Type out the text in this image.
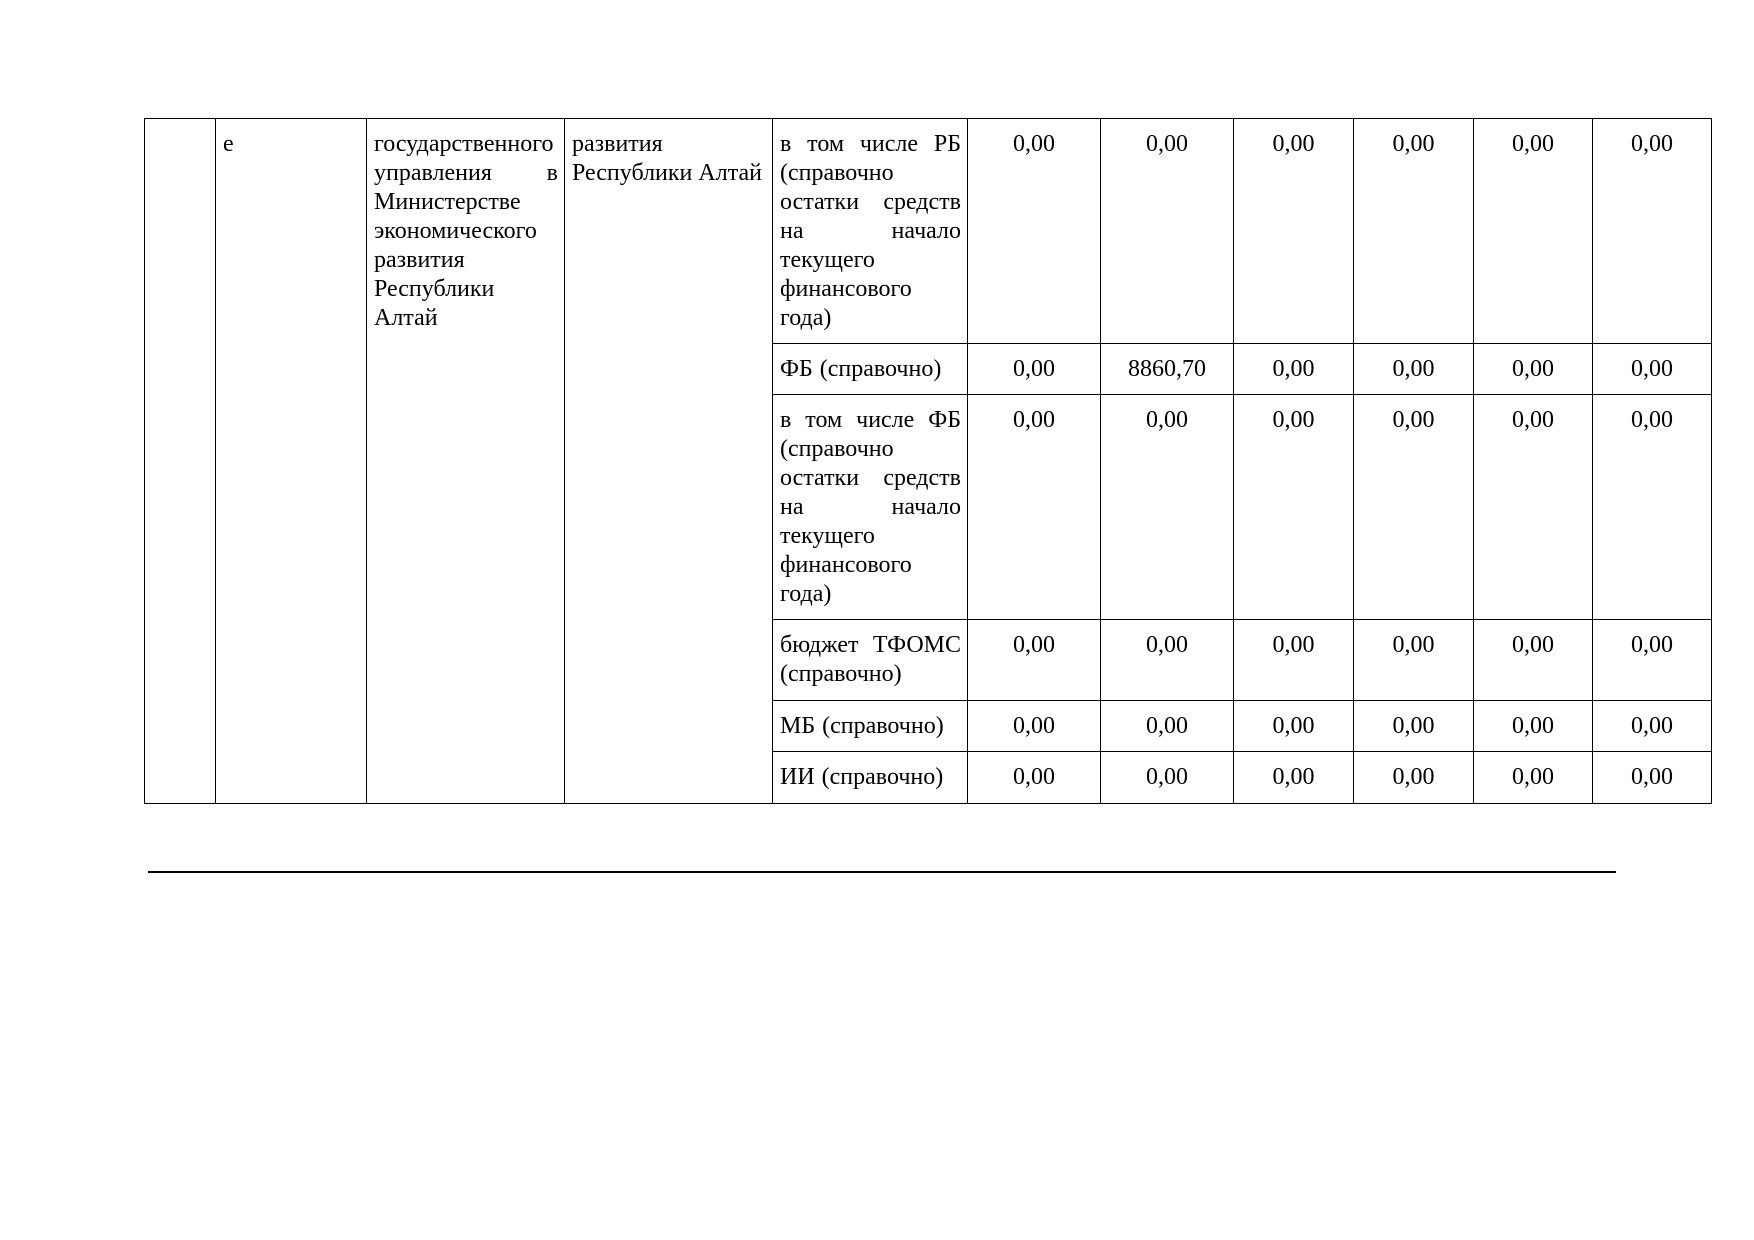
	е	государственного управления в Министерстве экономического развития Республики Алтай	развития Республики Алтай	в том числе РБ (справочно остатки средств на начало текущего финансового года)	0,00	0,00	0,00	0,00	0,00	0,00
				ФБ (справочно)	0,00	8860,70	0,00	0,00	0,00	0,00
				в том числе ФБ (справочно остатки средств на начало текущего финансового года)	0,00	0,00	0,00	0,00	0,00	0,00
				бюджет ТФОМС (справочно)	0,00	0,00	0,00	0,00	0,00	0,00
				МБ (справочно)	0,00	0,00	0,00	0,00	0,00	0,00
				ИИ (справочно)	0,00	0,00	0,00	0,00	0,00	0,00
